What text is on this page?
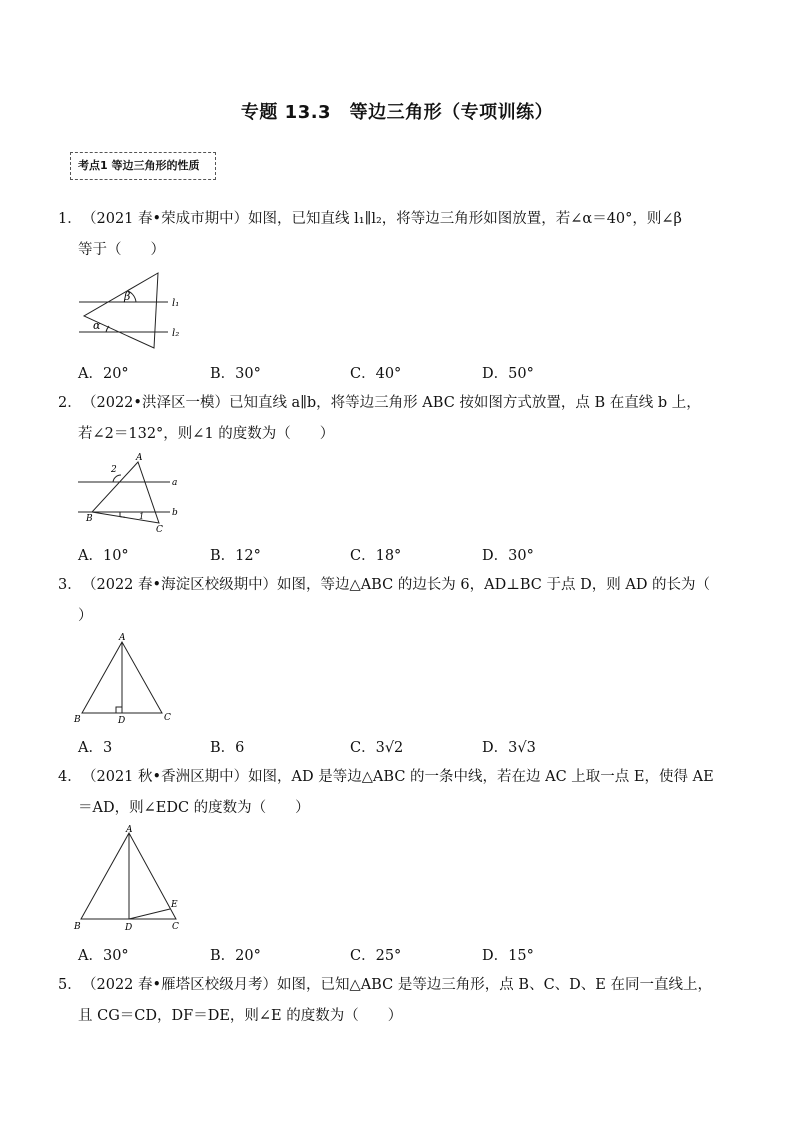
专题 13.3　等边三角形（专项训练）
考点1 等边三角形的性质
1．（2021 春•荣成市期中）如图，已知直线 l₁∥l₂，将等边三角形如图放置，若∠α＝40°，则∠β
等于（　　）
β
α
l₁
l₂
A．20°	B．30°	C．40°	D．50°
2．（2022•洪泽区一模）已知直线 a∥b，将等边三角形 ABC 按如图方式放置，点 B 在直线 b 上，
若∠2＝132°，则∠1 的度数为（　　）
A
B
C
a
b
2
1
A．10°	B．12°	C．18°	D．30°
3．（2022 春•海淀区校级期中）如图，等边△ABC 的边长为 6，AD⊥BC 于点 D，则 AD 的长为（
）
A
B	C
D
A．3	B．6	C．3√2	D．3√3
4．（2021 秋•香洲区期中）如图，AD 是等边△ABC 的一条中线，若在边 AC 上取一点 E，使得 AE
＝AD，则∠EDC 的度数为（　　）
A
B	C
D
E
A．30°	B．20°	C．25°	D．15°
5．（2022 春•雁塔区校级月考）如图，已知△ABC 是等边三角形，点 B、C、D、E 在同一直线上，
且 CG＝CD，DF＝DE，则∠E 的度数为（　　）
